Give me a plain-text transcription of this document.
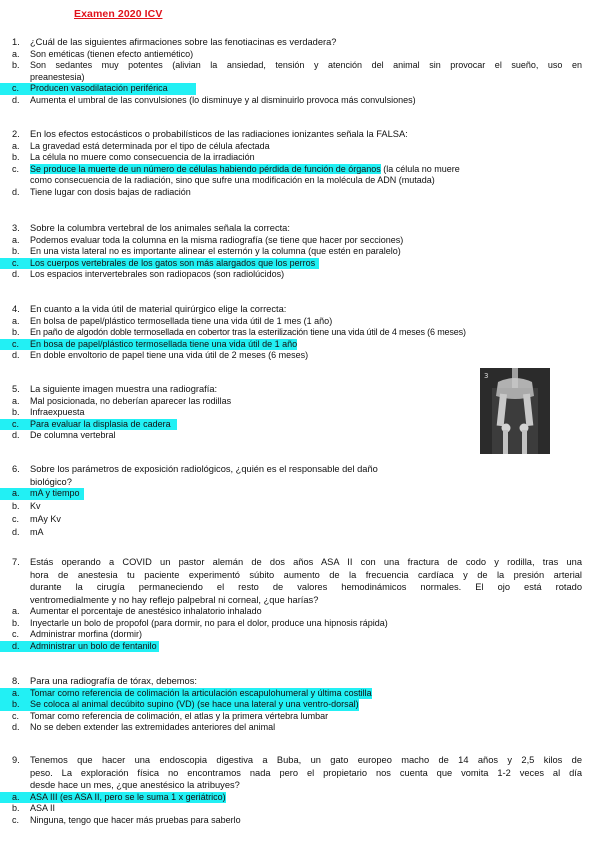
Examen 2020 ICV
1. ¿Cuál de las siguientes afirmaciones sobre las fenotiacinas es verdadera?
a. Son eméticas (tienen efecto antiemético)
b. Son sedantes muy potentes (alivian la ansiedad, tensión y atención del animal sin provocar el sueño, uso en
preanestesia)
c.	Producen vasodilatación periférica
d. Aumenta el umbral de las convulsiones (lo disminuye y al disminuirlo provoca más convulsiones)
2. En los efectos estocásticos o probabilísticos de las radiaciones ionizantes señala la FALSA:
a. La gravedad está determinada por el tipo de célula afectada
b. La célula no muere como consecuencia de la irradiación
c. Se produce la muerte de un número de células habiendo pérdida de función de órganos (la célula no muere
como consecuencia de la radiación, sino que sufre una modificación en la molécula de ADN (mutada)
d. Tiene lugar con dosis bajas de radiación
3. Sobre la columbra vertebral de los animales señala la correcta:
a. Podemos evaluar toda la columna en la misma radiografía (se tiene que hacer por secciones)
b. En una vista lateral no es importante alinear el esternón y la columna (que estén en paralelo)
c.	Los cuerpos vertebrales de los gatos son más alargados que los perros
d. Los espacios intervertebrales son radiopacos (son radiolúcidos)
4. En cuanto a la vida útil de material quirúrgico elige la correcta:
a. En bolsa de papel/plástico termosellada tiene una vida útil de 1 mes (1 año)
b. En paño de algodón doble termosellada en cobertor tras la esterilización tiene una vida útil de 4 meses (6 meses)
c.	En bosa de papel/plástico termosellada tiene una vida útil de 1 año
d. En doble envoltorio de papel tiene una vida útil de 2 meses (6 meses)
5. La siguiente imagen muestra una radiografía:
a. Mal posicionada, no deberían aparecer las rodillas
b. Infraexpuesta
c.	Para evaluar la displasia de cadera
d. De columna vertebral
3
6. Sobre los parámetros de exposición radiológicos, ¿quién es el responsable del daño
biológico?
a.	mA y tiempo
b. Kv
c. mAy Kv
d. mA
7. Estás operando a COVID un pastor alemán de dos años ASA II con una fractura de codo y rodilla, tras una
hora de anestesia tu paciente experimentó súbito aumento de la frecuencia cardíaca y de la presión arterial
durante la cirugía permaneciendo el resto de valores hemodinámicos normales. El ojo está rotado
ventromedialmente y no hay reflejo palpebral ni corneal, ¿que harías?
a. Aumentar el porcentaje de anestésico inhalatorio inhalado
b. Inyectarle un bolo de propofol (para dormir, no para el dolor, produce una hipnosis rápida)
c. Administrar morfina (dormir)
d.	Administrar un bolo de fentanilo
8. Para una radiografía de tórax, debemos:
a.	Tomar como referencia de colimación la articulación escapulohumeral y última costilla
b.	Se coloca al animal decúbito supino (VD) (se hace una lateral y una ventro-dorsal)
c. Tomar como referencia de colimación, el atlas y la primera vértebra lumbar
d. No se deben extender las extremidades anteriores del animal
9. Tenemos que hacer una endoscopia digestiva a Buba, un gato europeo macho de 14 años y 2,5 kilos de
peso. La exploración física no encontramos nada pero el propietario nos cuenta que vomita 1-2 veces al día
desde hace un mes, ¿que anestésico la atribuyes?
a.	ASA III (es ASA II, pero se le suma 1 x geriátrico)
b. ASA II
c. Ninguna, tengo que hacer más pruebas para saberlo
